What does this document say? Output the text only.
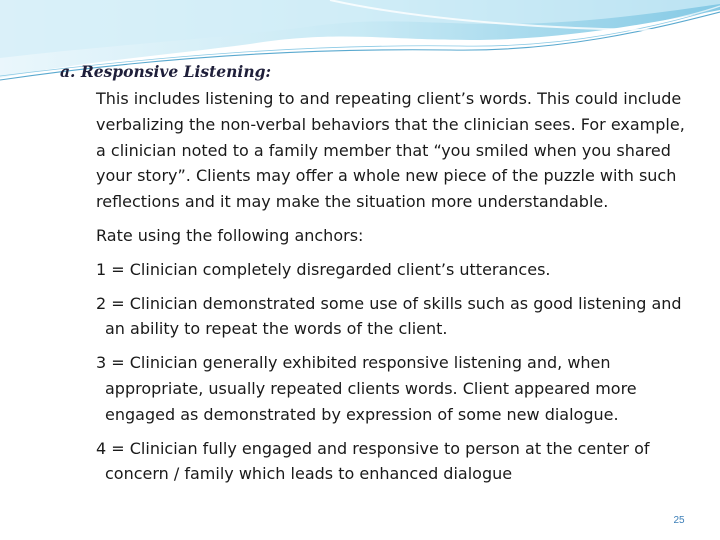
a. Responsive Listening:

This includes listening to and repeating client’s words. This could include verbalizing the non-verbal behaviors that the clinician sees. For example, a clinician noted to a family member that “you smiled when you shared your story”. Clients may offer a whole new piece of the puzzle with such reflections and it may make the situation more understandable.

Rate using the following anchors:

1 = Clinician completely disregarded client’s utterances.

2 = Clinician demonstrated some use of skills such as good listening and an ability to repeat the words of the client.

3 = Clinician generally exhibited responsive listening and, when appropriate, usually repeated clients words. Client appeared more engaged as demonstrated by expression of some new dialogue.

4 = Clinician fully engaged and responsive to person at the center of concern / family which leads to enhanced dialogue

25
